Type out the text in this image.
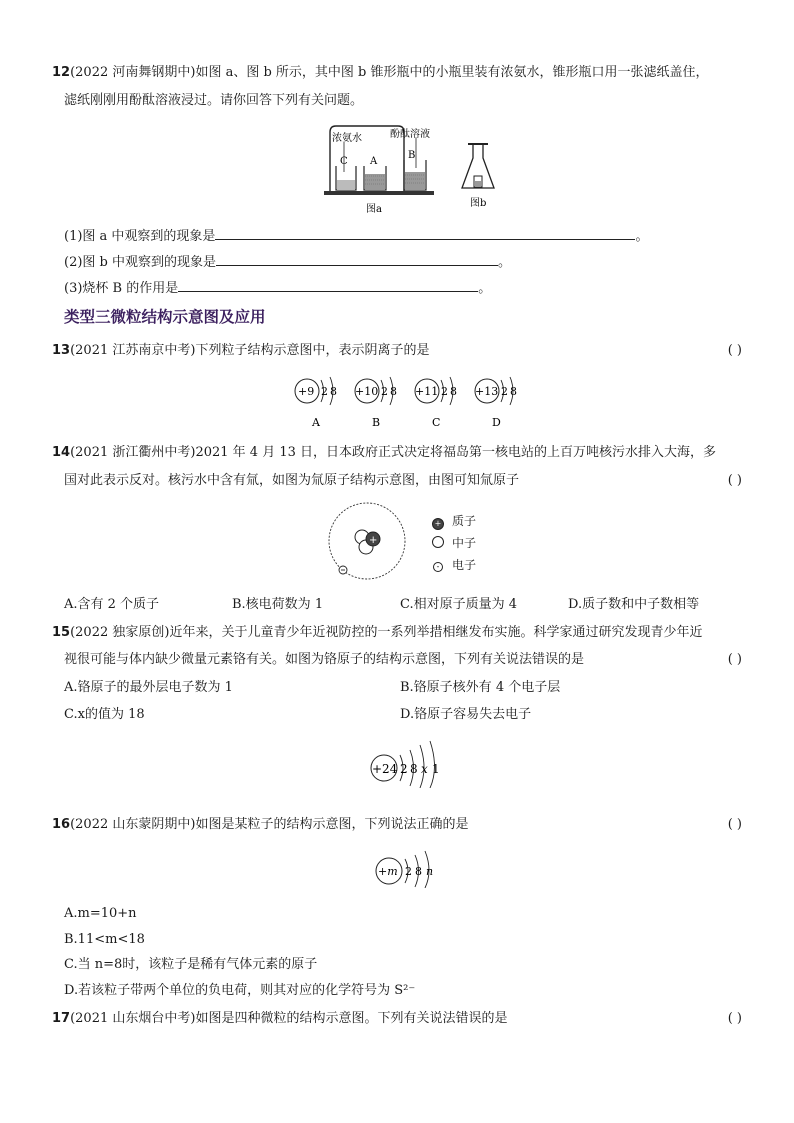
12(2022 河南舞钢期中)如图 a、图 b 所示，其中图 b 锥形瓶中的小瓶里装有浓氨水，锥形瓶口用一张滤纸盖住，
滤纸刚刚用酚酞溶液浸过。请你回答下列有关问题。
浓氨水	酚酞溶液
C A
B
图a
图b
(1)图 a 中观察到的现象是	。
(2)图 b 中观察到的现象是	。
(3)烧杯 B 的作用是	。
类型三微粒结构示意图及应用
13(2021 江苏南京中考)下列粒子结构示意图中，表示阴离子的是	( )
+9 2 8
A
+10 2 8
B
+11 2 8
C
+13 2 8
D
14(2021 浙江衢州中考)2021 年 4 月 13 日，日本政府正式决定将福岛第一核电站的上百万吨核污水排入大海，多
国对此表示反对。核污水中含有氚，如图为氚原子结构示意图，由图可知氚原子	( )
+
+ 质子
中子
- 电子
A.含有 2 个质子	B.核电荷数为 1	C.相对原子质量为 4	D.质子数和中子数相等
15(2022 独家原创)近年来，关于儿童青少年近视防控的一系列举措相继发布实施。科学家通过研究发现青少年近
视很可能与体内缺少微量元素铬有关。如图为铬原子的结构示意图，下列有关说法错误的是	( )
A.铬原子的最外层电子数为 1	B.铬原子核外有 4 个电子层
C.x的值为 18	D.铬原子容易失去电子
+24 2 8 x 1
16(2022 山东蒙阴期中)如图是某粒子的结构示意图，下列说法正确的是	( )
+m 2 8 n
A.m=10+n
B.11<m<18
C.当 n=8时，该粒子是稀有气体元素的原子
D.若该粒子带两个单位的负电荷，则其对应的化学符号为 S²⁻
17(2021 山东烟台中考)如图是四种微粒的结构示意图。下列有关说法错误的是	( )
